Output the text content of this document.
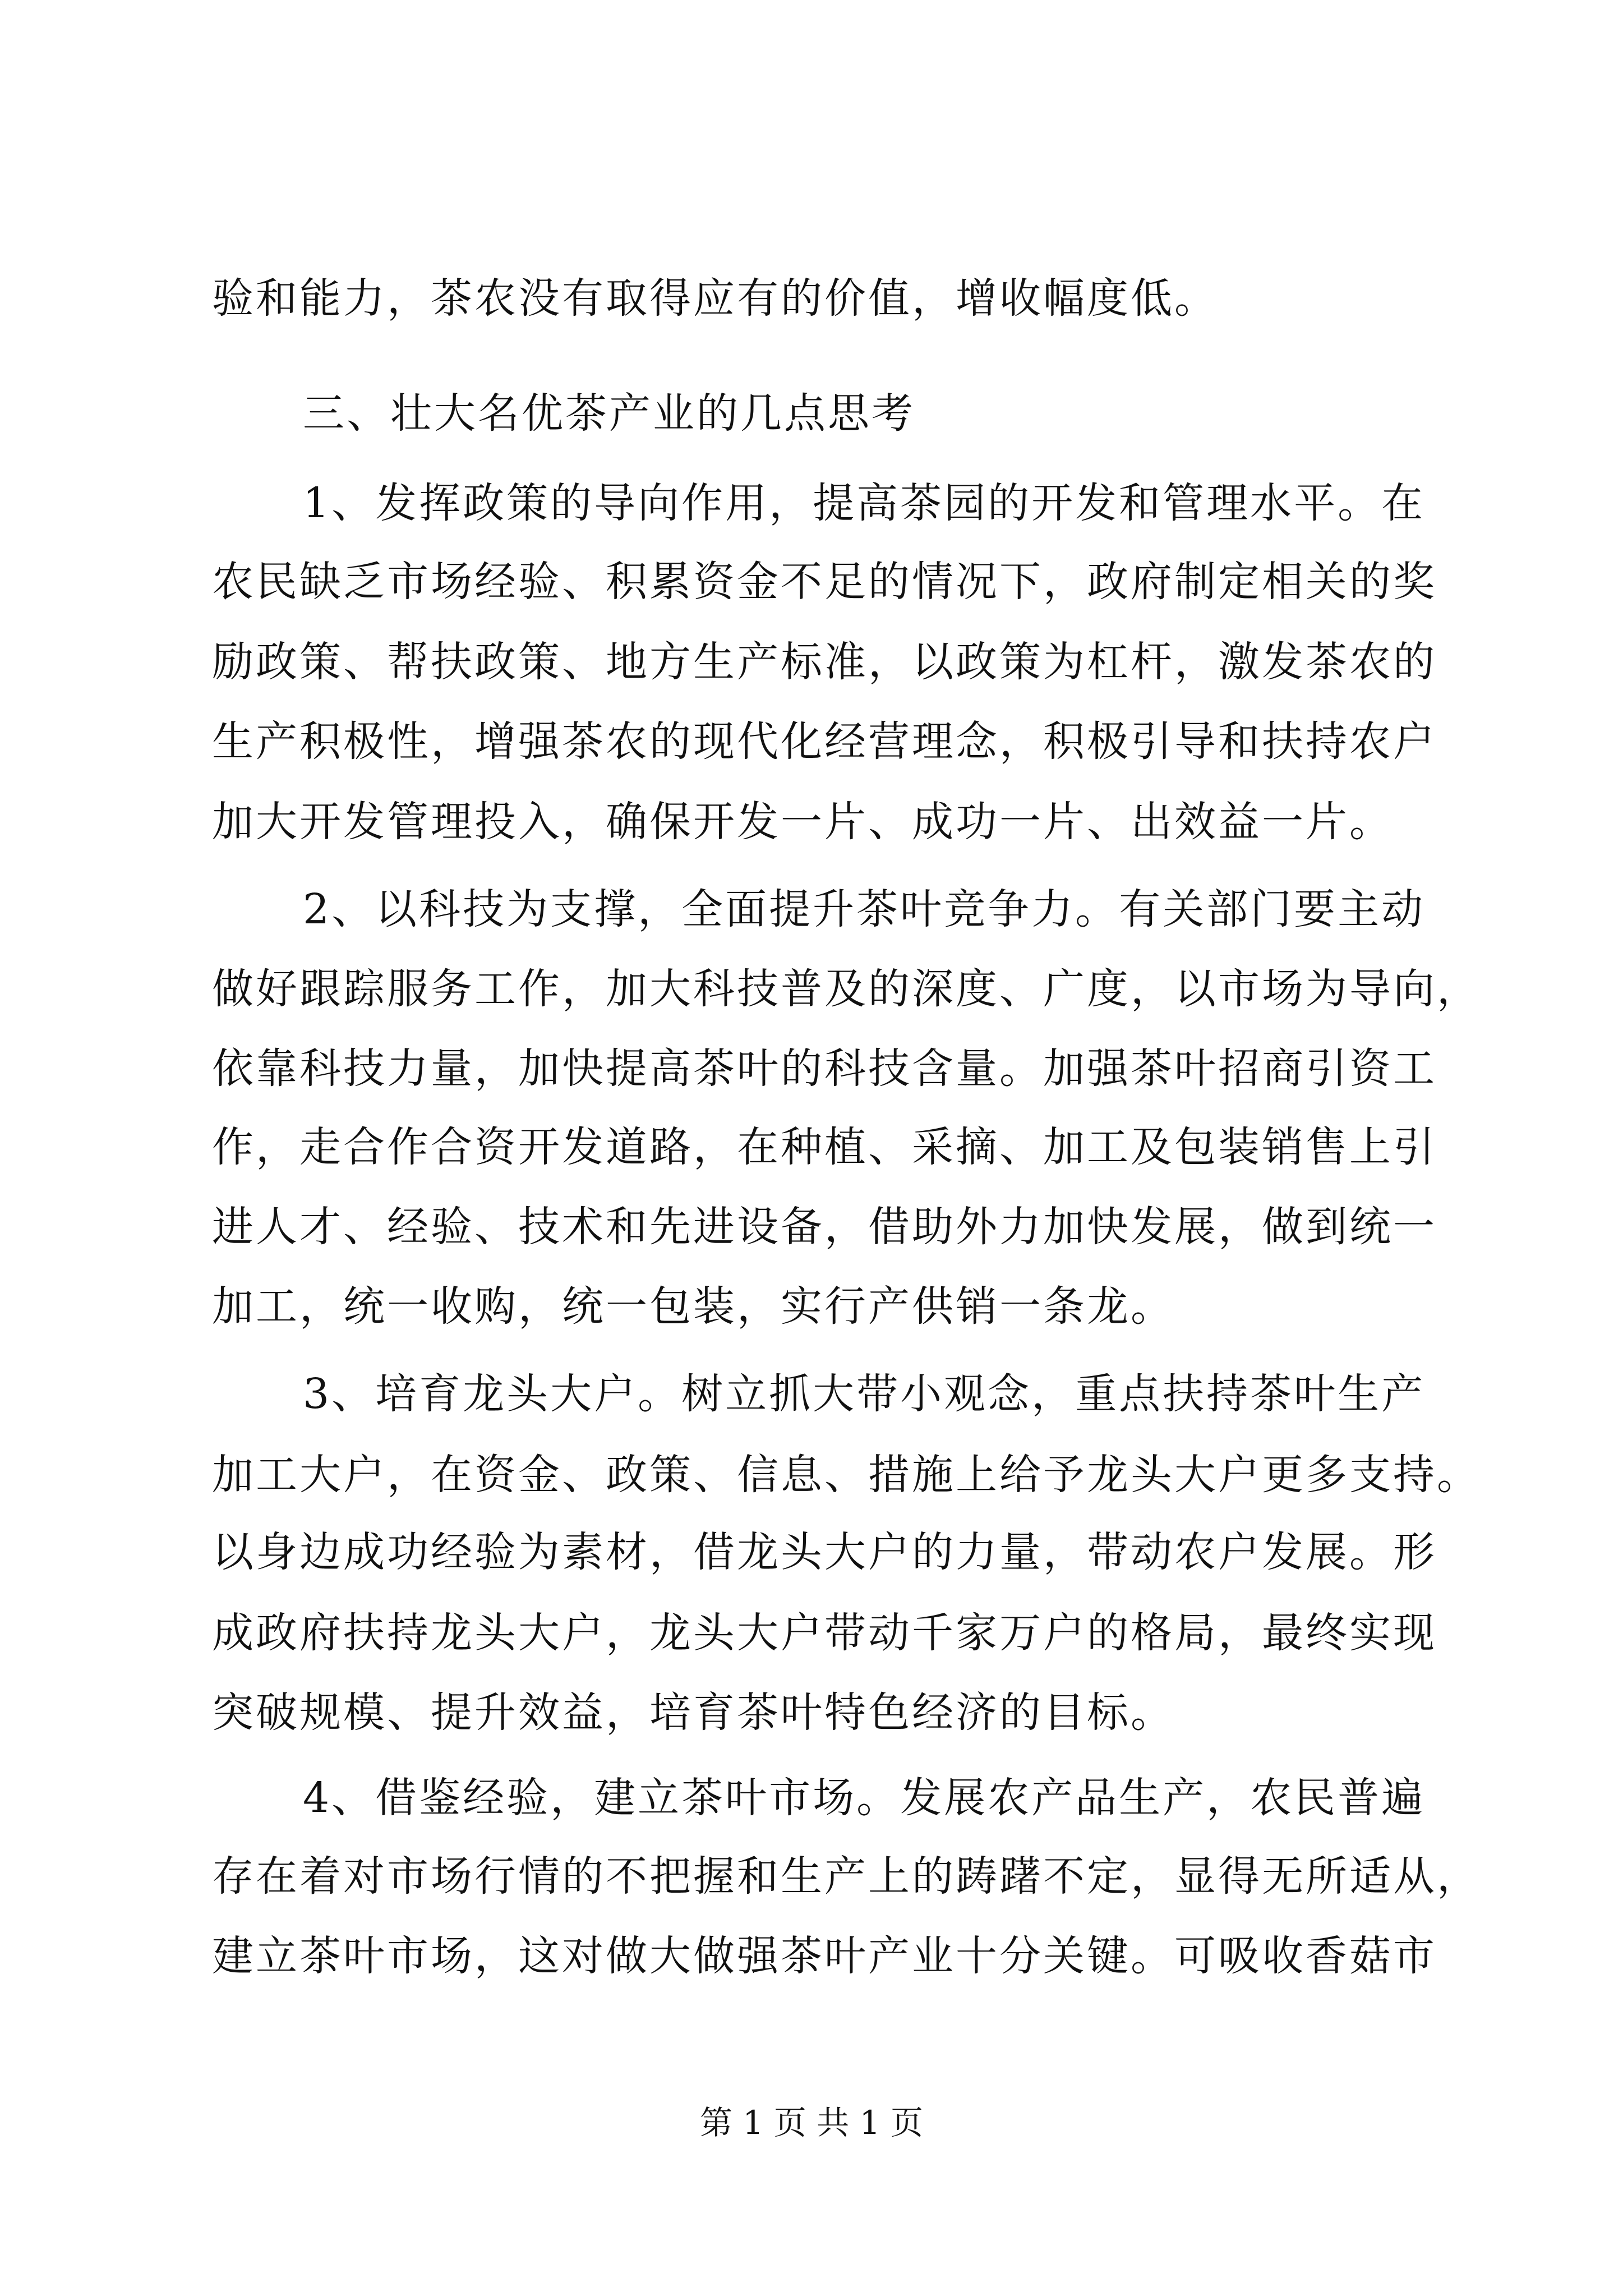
验和能力，茶农没有取得应有的价值，增收幅度低。
三、壮大名优茶产业的几点思考
1、发挥政策的导向作用，提高茶园的开发和管理水平。在
农民缺乏市场经验、积累资金不足的情况下，政府制定相关的奖
励政策、帮扶政策、地方生产标准，以政策为杠杆，激发茶农的
生产积极性，增强茶农的现代化经营理念，积极引导和扶持农户
加大开发管理投入，确保开发一片、成功一片、出效益一片。
2、以科技为支撑，全面提升茶叶竞争力。有关部门要主动
做好跟踪服务工作，加大科技普及的深度、广度，以市场为导向，
依靠科技力量，加快提高茶叶的科技含量。加强茶叶招商引资工
作，走合作合资开发道路，在种植、采摘、加工及包装销售上引
进人才、经验、技术和先进设备，借助外力加快发展，做到统一
加工，统一收购，统一包装，实行产供销一条龙。
3、培育龙头大户。树立抓大带小观念，重点扶持茶叶生产
加工大户，在资金、政策、信息、措施上给予龙头大户更多支持。
以身边成功经验为素材，借龙头大户的力量，带动农户发展。形
成政府扶持龙头大户，龙头大户带动千家万户的格局，最终实现
突破规模、提升效益，培育茶叶特色经济的目标。
4、借鉴经验，建立茶叶市场。发展农产品生产，农民普遍
存在着对市场行情的不把握和生产上的踌躇不定，显得无所适从，
建立茶叶市场，这对做大做强茶叶产业十分关键。可吸收香菇市
第 1 页 共 1 页
